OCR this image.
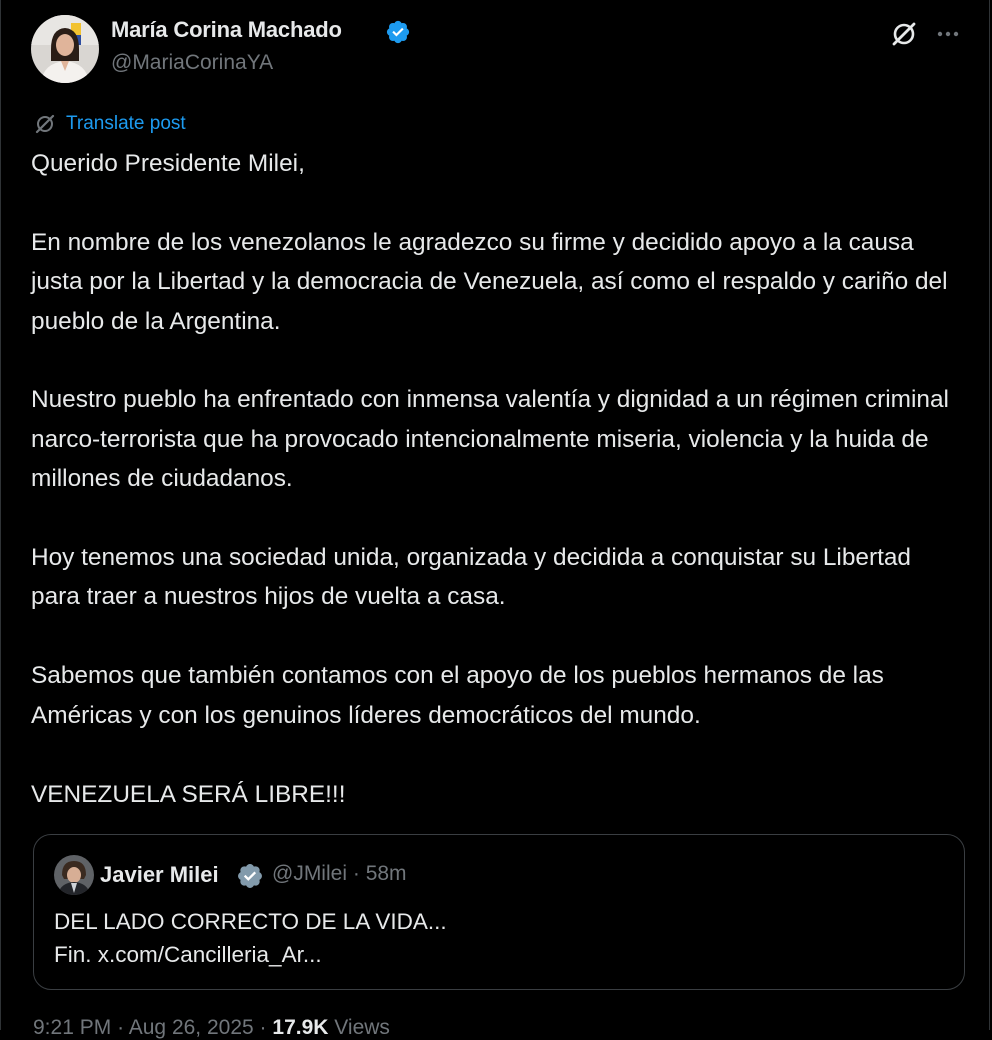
María Corina Machado
@MariaCorinaYA
Translate post
Querido Presidente Milei,

En nombre de los venezolanos le agradezco su firme y decidido apoyo a la causa justa por la Libertad y la democracia de Venezuela, así como el respaldo y cariño del pueblo de la Argentina.

Nuestro pueblo ha enfrentado con inmensa valentía y dignidad a un régimen criminal narco-terrorista que ha provocado intencionalmente miseria, violencia y la huida de millones de ciudadanos.

Hoy tenemos una sociedad unida, organizada y decidida a conquistar su Libertad para traer a nuestros hijos de vuelta a casa.

Sabemos que también contamos con el apoyo de los pueblos hermanos de las Américas y con los genuinos líderes democráticos del mundo.

VENEZUELA SERÁ LIBRE!!!
Javier Milei	@JMilei · 58m
DEL LADO CORRECTO DE LA VIDA...
Fin. x.com/Cancilleria_Ar...
9:21 PM · Aug 26, 2025 · 17.9K Views
